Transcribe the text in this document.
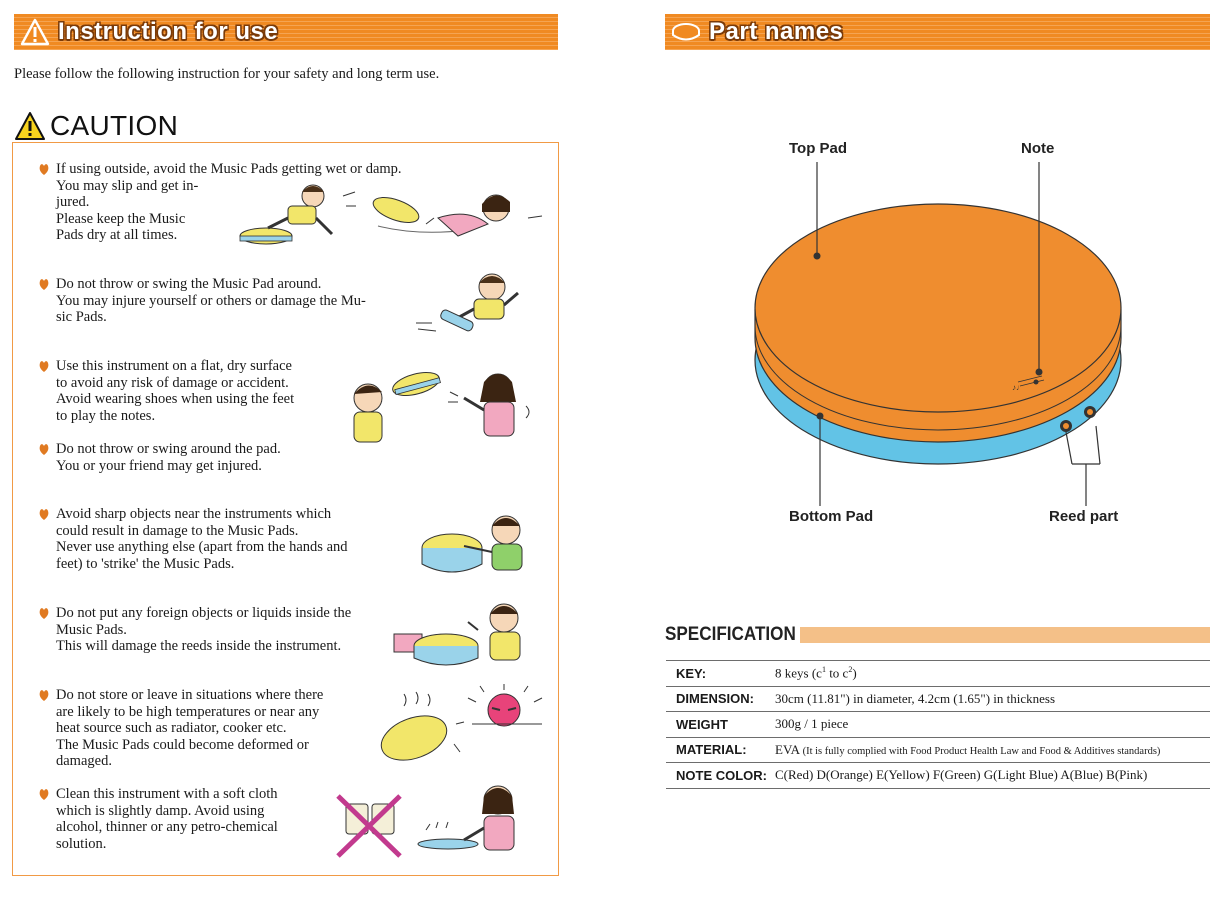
Instruction for use
Please follow the following instruction for your safety and long term use.
CAUTION
If using outside, avoid the Music Pads getting wet or damp.
You may slip and get in-
jured.
Please keep the Music
Pads dry at all times.
Do not throw or swing the Music Pad around.
You may injure yourself or others or damage the Mu-
sic Pads.
Use this instrument on a flat, dry surface
to avoid any risk of damage or accident.
Avoid wearing shoes when using the feet
to play the notes.
Do not throw or swing around the pad.
You or your friend may get injured.
Avoid sharp objects near the instruments which
could result in damage to the Music Pads.
Never use anything else (apart from the hands and
feet) to 'strike' the Music Pads.
Do not put any foreign objects or liquids inside the
Music Pads.
This will damage the reeds inside the instrument.
Do not store or leave in situations where there
are likely to be high temperatures or near any
heat source such as radiator, cooker etc.
The Music Pads could become deformed or
damaged.
Clean this instrument with a soft cloth
which is slightly damp. Avoid using
alcohol, thinner or any petro-chemical
solution.
Part names
♪♩
Top Pad	Note
Bottom Pad	Reed part
SPECIFICATION
KEY:	8 keys ($c^1$ to $c^2$)
DIMENSION:	30cm (11.81") in diameter, 4.2cm (1.65") in thickness
WEIGHT	300g / 1 piece
MATERIAL:	EVA (It is fully complied with Food Product Health Law and Food & Additives standards)
NOTE COLOR:	C(Red) D(Orange) E(Yellow) F(Green) G(Light Blue) A(Blue) B(Pink)
